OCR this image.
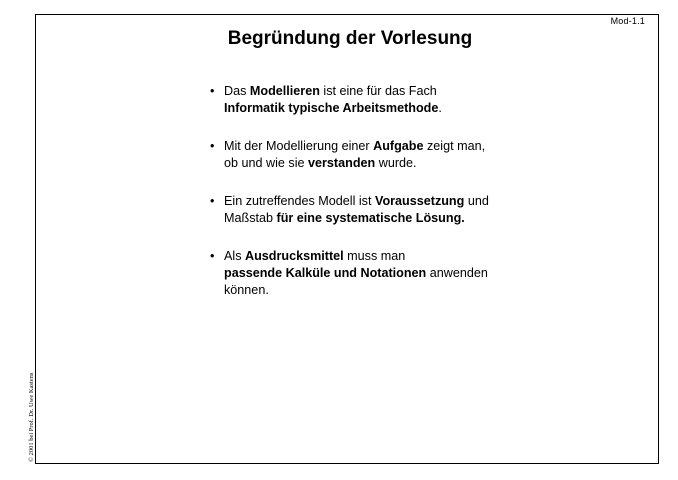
Mod-1.1
Begründung der Vorlesung
• Das Modellieren ist eine für das Fach
Informatik typische Arbeitsmethode.
• Mit der Modellierung einer Aufgabe zeigt man,
ob und wie sie verstanden wurde.
• Ein zutreffendes Modell ist Voraussetzung und
Maßstab für eine systematische Lösung.
• Als Ausdrucksmittel muss man
passende Kalküle und Notationen anwenden
können.
© 2001 bei Prof. Dr. Uwe Kastens
